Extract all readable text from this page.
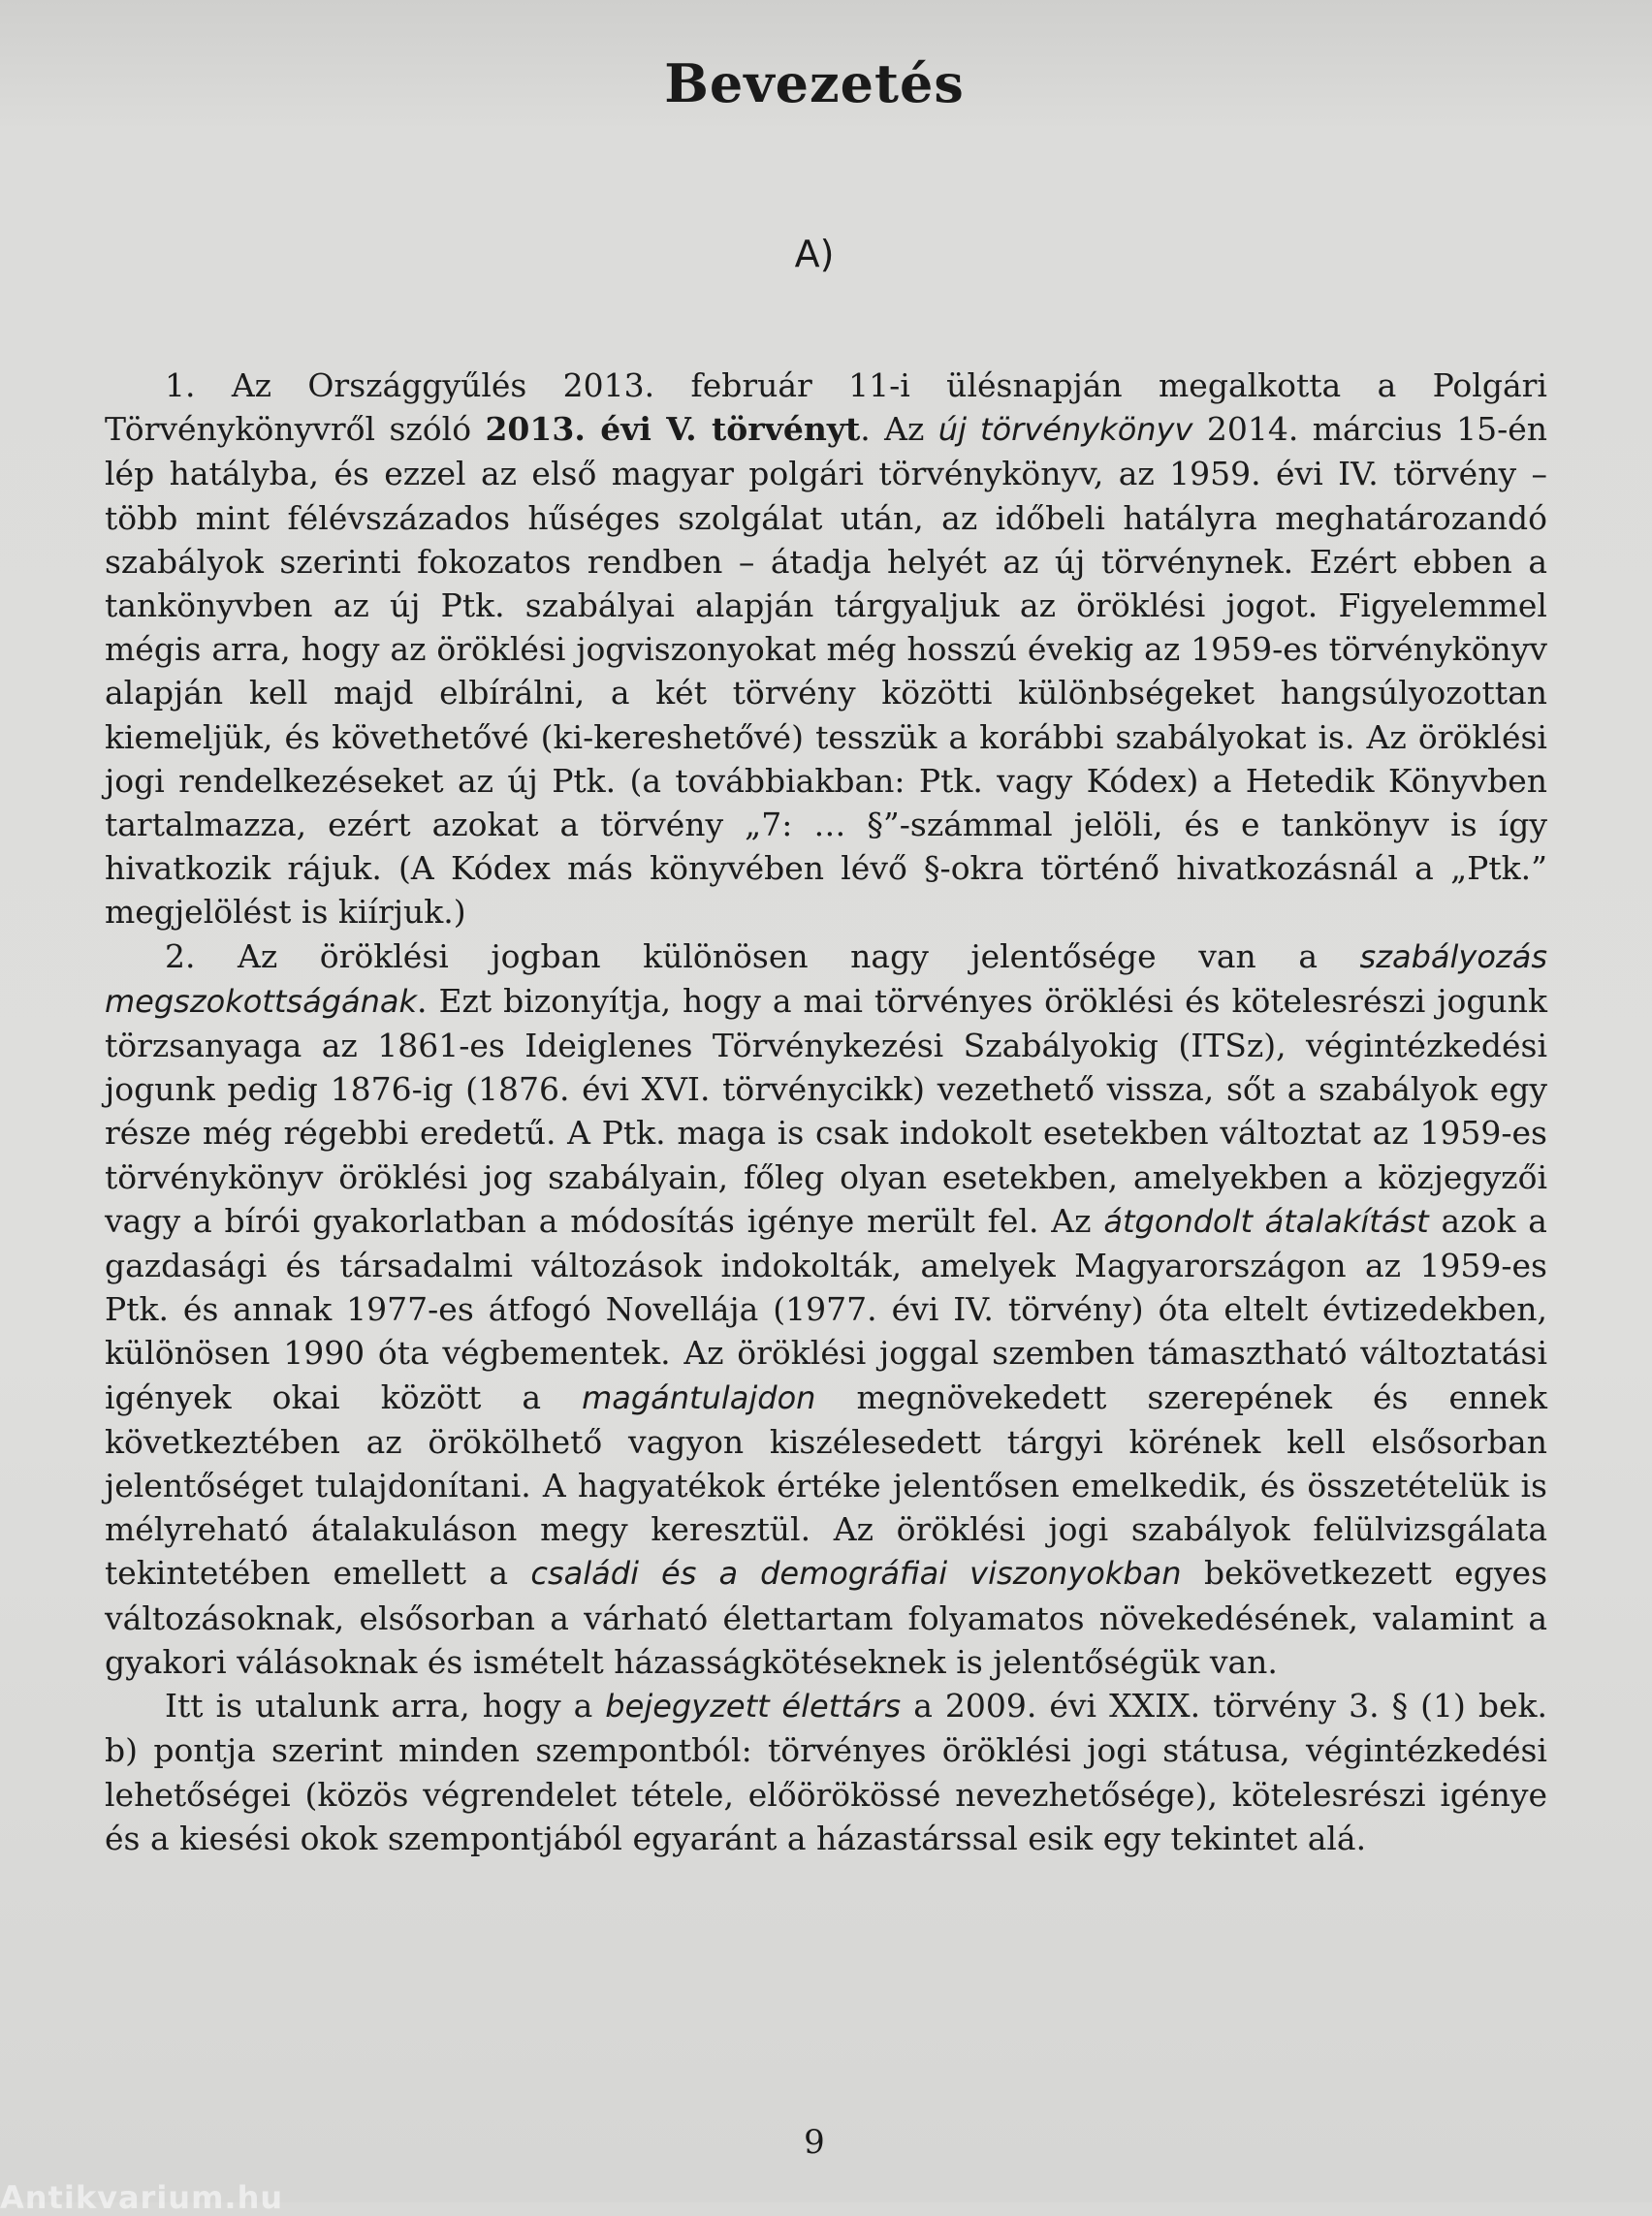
Bevezetés
A)

1. Az Országgyűlés 2013. február 11-i ülésnapján megalkotta a Polgári Törvénykönyvről szóló 2013. évi V. törvényt. Az új törvénykönyv 2014. március 15-én lép hatályba, és ezzel az első magyar polgári törvénykönyv, az 1959. évi IV. törvény – több mint félévszázados hűséges szolgálat után, az időbeli hatályra meghatározandó szabályok szerinti fokozatos rendben – átadja helyét az új törvénynek. Ezért ebben a tankönyvben az új Ptk. szabályai alapján tárgyaljuk az öröklési jogot. Figyelemmel mégis arra, hogy az öröklési jogviszonyokat még hosszú évekig az 1959-es törvénykönyv alapján kell majd elbírálni, a két törvény közötti különbségeket hangsúlyozottan kiemeljük, és követhetővé (ki-kereshetővé) tesszük a korábbi szabályokat is. Az öröklési jogi rendelkezéseket az új Ptk. (a továbbiakban: Ptk. vagy Kódex) a Hetedik Könyvben tartalmazza, ezért azokat a törvény „7: … §”-számmal jelöli, és e tankönyv is így hivatkozik rájuk. (A Kódex más könyvében lévő §-okra történő hivatkozásnál a „Ptk.” megjelölést is kiírjuk.)

2. Az öröklési jogban különösen nagy jelentősége van a szabályozás megszokottságának. Ezt bizonyítja, hogy a mai törvényes öröklési és kötelesrészi jogunk törzsanyaga az 1861-es Ideiglenes Törvénykezési Szabályokig (ITSz), végintézkedési jogunk pedig 1876-ig (1876. évi XVI. törvénycikk) vezethető vissza, sőt a szabályok egy része még régebbi eredetű. A Ptk. maga is csak indokolt esetekben változtat az 1959-es törvénykönyv öröklési jog szabályain, főleg olyan esetekben, amelyekben a közjegyzői vagy a bírói gyakorlatban a módosítás igénye merült fel. Az átgondolt átalakítást azok a gazdasági és társadalmi változások indokolták, amelyek Magyarországon az 1959-es Ptk. és annak 1977-es átfogó Novellája (1977. évi IV. törvény) óta eltelt évtizedekben, különösen 1990 óta végbementek. Az öröklési joggal szemben támasztható változtatási igények okai között a magántulajdon megnövekedett szerepének és ennek következtében az örökölhető vagyon kiszélesedett tárgyi körének kell elsősorban jelentőséget tulajdonítani. A hagyatékok értéke jelentősen emelkedik, és összetételük is mélyreható átalakuláson megy keresztül. Az öröklési jogi szabályok felülvizsgálata tekintetében emellett a családi és a demográfiai viszonyokban bekövetkezett egyes változásoknak, elsősorban a várható élettartam folyamatos növekedésének, valamint a gyakori válásoknak és ismételt házasságkötéseknek is jelentőségük van.

Itt is utalunk arra, hogy a bejegyzett élettárs a 2009. évi XXIX. törvény 3. § (1) bek. b) pontja szerint minden szempontból: törvényes öröklési jogi státusa, végintézkedési lehetőségei (közös végrendelet tétele, előörökössé nevezhetősége), kötelesrészi igénye és a kiesési okok szempontjából egyaránt a házastárssal esik egy tekintet alá.

9
Antikvarium.hu
